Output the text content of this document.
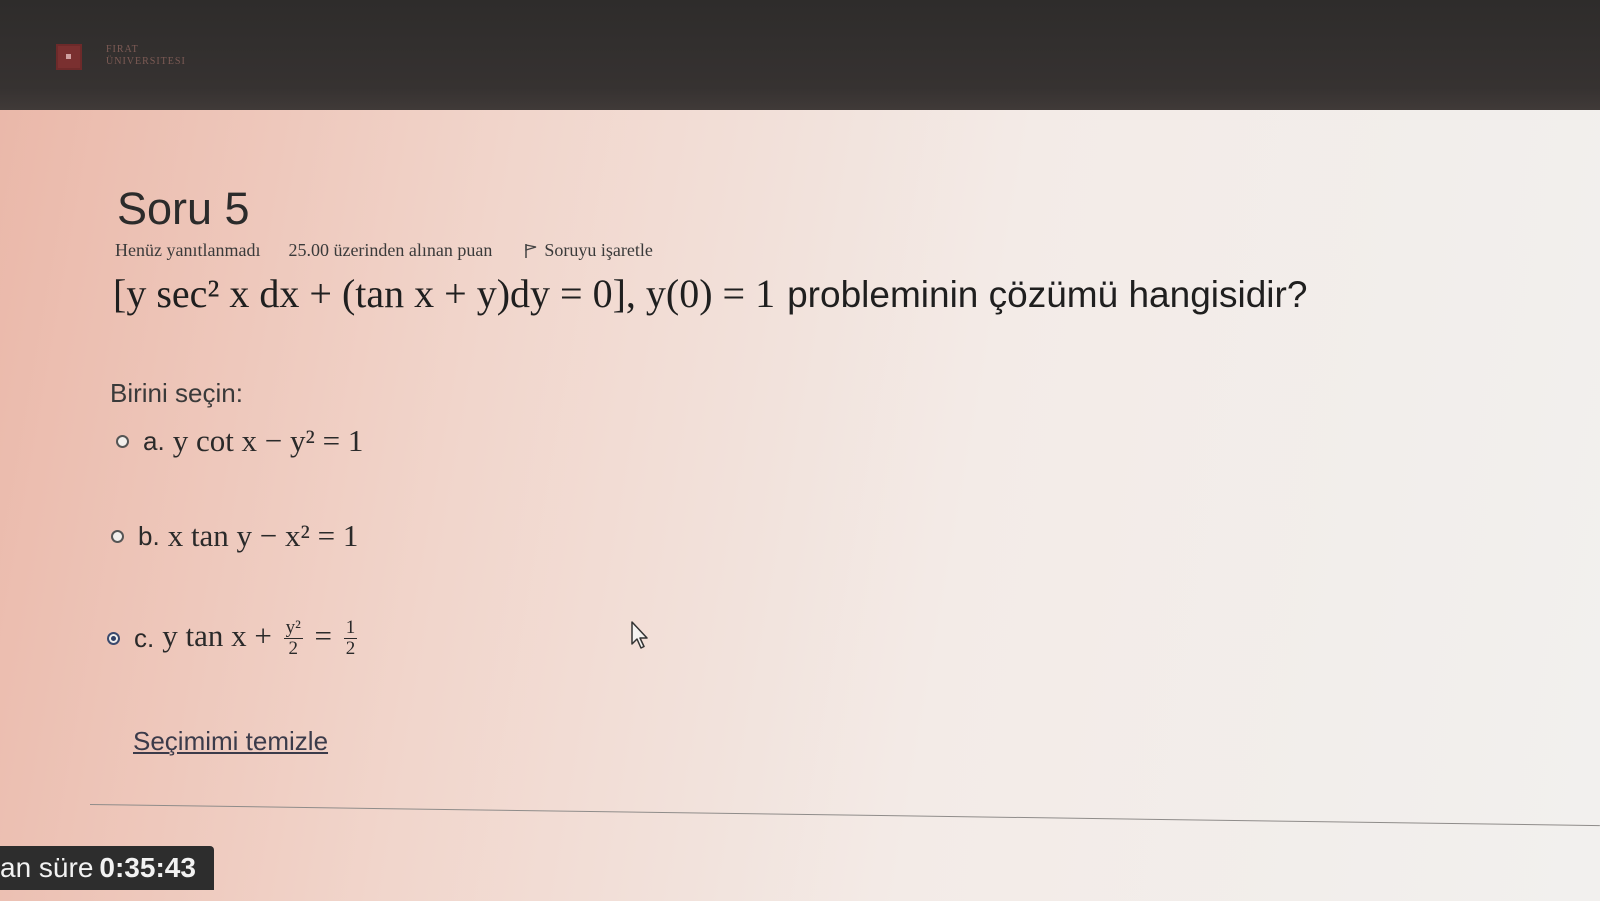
FIRAT
ÜNIVERSITESI
Soru 5
Henüz yanıtlanmadı 25.00 üzerinden alınan puan	Soruyu işaretle
[y sec² x dx + (tan x + y)dy = 0], y(0) = 1 probleminin çözümü hangisidir?
Birini seçin:
a. y cot x − y² = 1
b. x tan y − x² = 1
c. y $\tan x + \frac{\text{y²}}{2} = \frac{1}{2}$
Seçimimi temizle
an süre 0:35:43
